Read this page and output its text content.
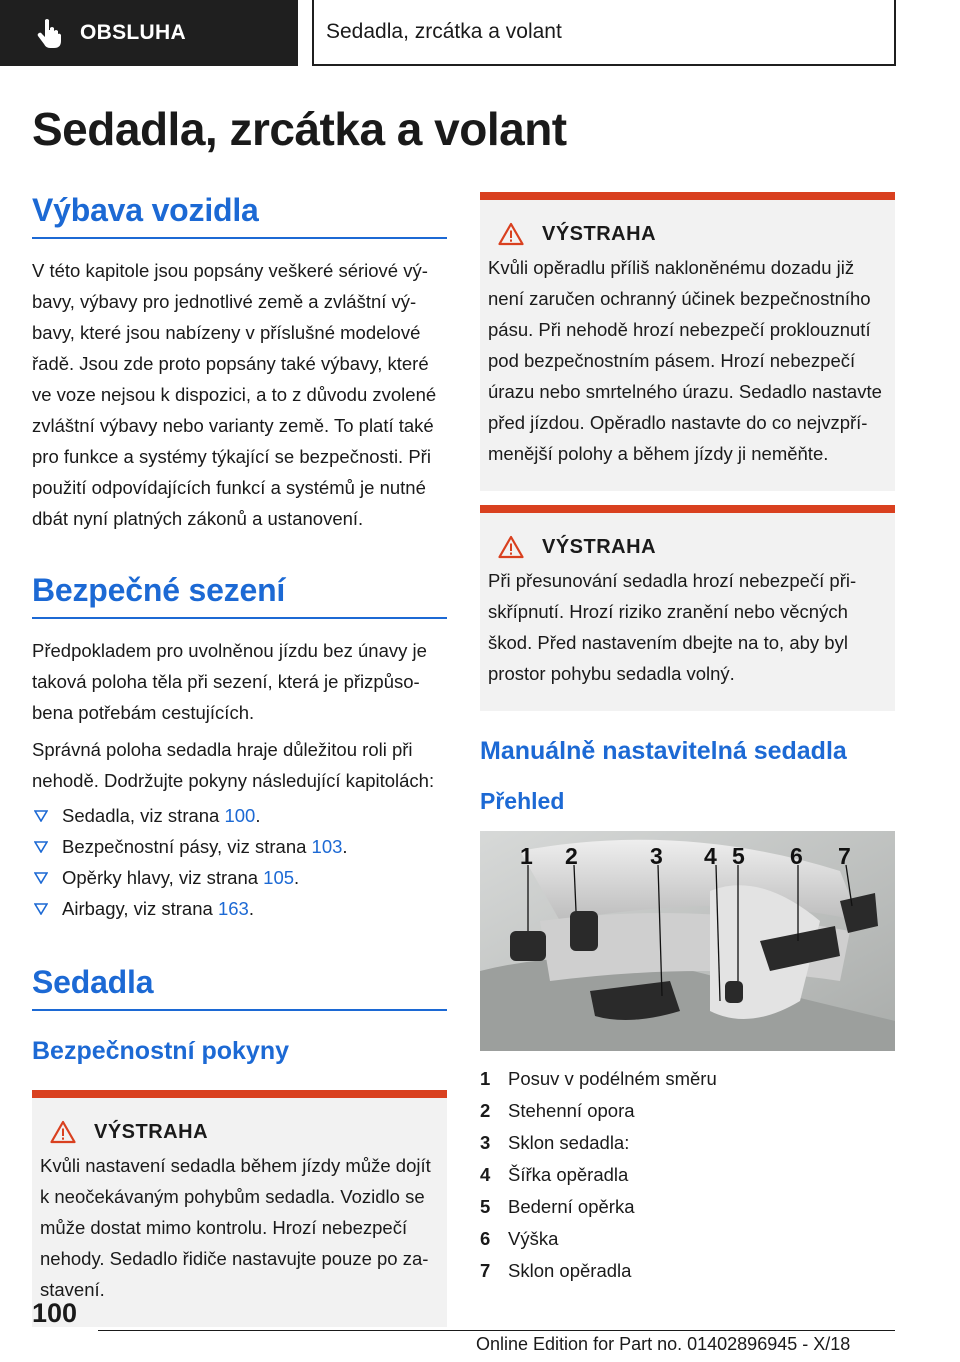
OBSLUHA	Sedadla, zrcátka a volant
Sedadla, zrcátka a volant
Výbava vozidla

V této kapitole jsou popsány veškeré sériové vý- bavy, výbavy pro jednotlivé země a zvláštní vý- bavy, které jsou nabízeny v příslušné modelové řadě. Jsou zde proto popsány také výbavy, které ve voze nejsou k dispozici, a to z důvodu zvolené zvláštní výbavy nebo varianty země. To platí také pro funkce a systémy týkající se bezpečnosti. Při použití odpovídajících funkcí a systémů je nutné dbát nyní platných zákonů a ustanovení.

Bezpečné sezení

Předpokladem pro uvolněnou jízdu bez únavy je taková poloha těla při sezení, která je přizpůso- bena potřebám cestujících.

Správná poloha sedadla hraje důležitou roli při nehodě. Dodržujte pokyny následující kapitolách:

Sedadla, viz strana
100 .
Bezpečnostní pásy, viz strana
103 .
Opěrky hlavy, viz strana
105 .
Airbagy, viz strana
163 .
Sedadla
Bezpečnostní pokyny
VÝSTRAHA

Kvůli nastavení sedadla během jízdy může dojít k neočekávaným pohybům sedadla. Vozidlo se může dostat mimo kontrolu. Hrozí nebezpečí nehody. Sedadlo řidiče nastavujte pouze po za- stavení.

VÝSTRAHA

Kvůli opěradlu příliš nakloněnému dozadu již není zaručen ochranný účinek bezpečnostního pásu. Při nehodě hrozí nebezpečí proklouznutí pod bezpečnostním pásem. Hrozí nebezpečí úrazu nebo smrtelného úrazu. Sedadlo nastavte před jízdou. Opěradlo nastavte do co nejvzpří- menější polohy a během jízdy ji neměňte.

VÝSTRAHA

Při přesunování sedadla hrozí nebezpečí při- skřípnutí. Hrozí riziko zranění nebo věcných škod. Před nastavením dbejte na to, aby byl prostor pohybu sedadla volný.

Manuálně nastavitelná sedadla
Přehled
1 2	3 4 5 6 7
1 Posuv v podélném směru
2 Stehenní opora
3 Sklon sedadla:
4 Šířka opěradla
5 Bederní opěrka
6 Výška
7 Sklon opěradla
100
Online Edition for Part no. 01402896945 - X/18
